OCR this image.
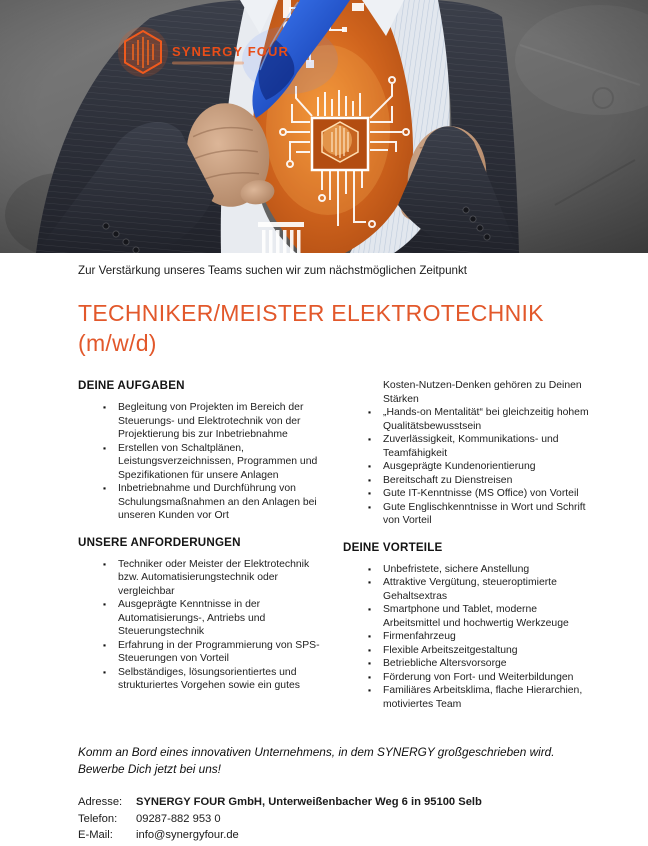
SYNERGY FOUR

Zur Verstärkung unseres Teams suchen wir zum nächstmöglichen Zeitpunkt

TECHNIKER/MEISTER ELEKTROTECHNIK
(m/w/d)
DEINE AUFGABEN
▪ Begleitung von Projekten im Bereich der Steuerungs- und Elektrotechnik von der Projektierung bis zur Inbetriebnahme
▪ Erstellen von Schaltplänen, Leistungsverzeichnissen, Programmen und Spezifikationen für unsere Anlagen
▪ Inbetriebnahme und Durchführung von Schulungsmaßnahmen an den Anlagen bei unseren Kunden vor Ort
UNSERE ANFORDERUNGEN
▪ Techniker oder Meister der Elektrotechnik bzw. Automatisierungstechnik oder vergleichbar
▪ Ausgeprägte Kenntnisse in der Automatisierungs-, Antriebs und Steuerungstechnik
▪ Erfahrung in der Programmierung von SPS-Steuerungen von Vorteil
▪ Selbständiges, lösungsorientiertes und strukturiertes Vorgehen sowie ein gutes

Kosten-Nutzen-Denken gehören zu Deinen Stärken

▪ „Hands-on Mentalität“ bei gleichzeitig hohem Qualitätsbewusstsein
▪ Zuverlässigkeit, Kommunikations- und Teamfähigkeit
▪ Ausgeprägte Kundenorientierung
▪ Bereitschaft zu Dienstreisen
▪ Gute IT-Kenntnisse (MS Office) von Vorteil
▪ Gute Englischkenntnisse in Wort und Schrift von Vorteil
DEINE VORTEILE
▪ Unbefristete, sichere Anstellung
▪ Attraktive Vergütung, steueroptimierte Gehaltsextras
▪ Smartphone und Tablet, moderne Arbeitsmittel und hochwertig Werkzeuge
▪ Firmenfahrzeug
▪ Flexible Arbeitszeitgestaltung
▪ Betriebliche Altersvorsorge
▪ Förderung von Fort- und Weiterbildungen
▪ Familiäres Arbeitsklima, flache Hierarchien, motiviertes Team
Komm an Bord eines innovativen Unternehmens, in dem SYNERGY großgeschrieben wird.
Bewerbe Dich jetzt bei uns!
Adresse:	SYNERGY FOUR GmbH, Unterweißenbacher Weg 6 in 95100 Selb
Telefon:	09287-882 953 0
E-Mail:	info@synergyfour.de
